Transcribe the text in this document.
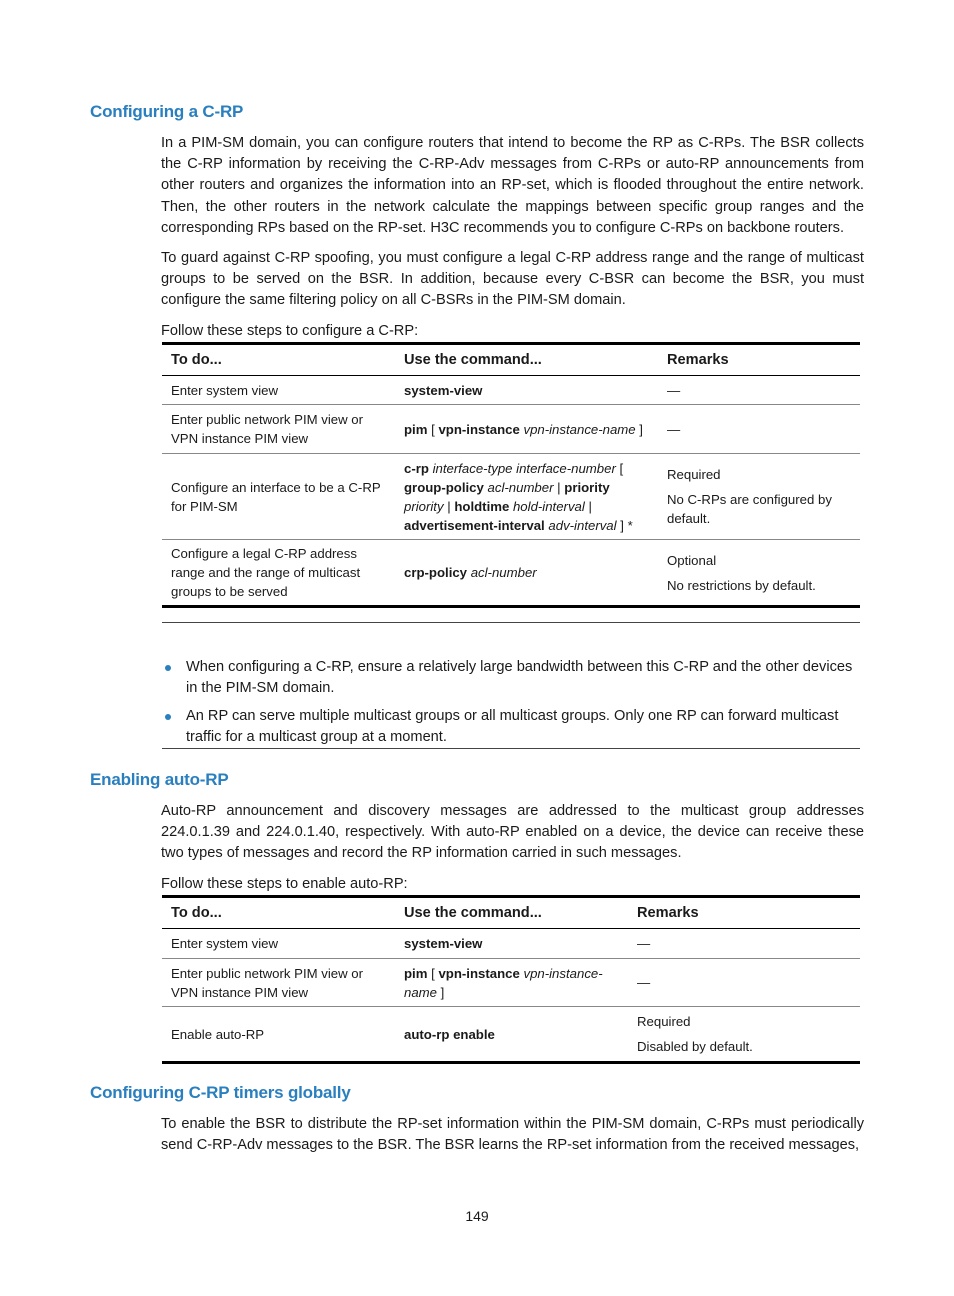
Configuring a C-RP

In a PIM-SM domain, you can configure routers that intend to become the RP as C-RPs. The BSR collects the C-RP information by receiving the C-RP-Adv messages from C-RPs or auto-RP announcements from other routers and organizes the information into an RP-set, which is flooded throughout the entire network. Then, the other routers in the network calculate the mappings between specific group ranges and the corresponding RPs based on the RP-set. H3C recommends you to configure C-RPs on backbone routers.

To guard against C-RP spoofing, you must configure a legal C-RP address range and the range of multicast groups to be served on the BSR. In addition, because every C-BSR can become the BSR, you must configure the same filtering policy on all C-BSRs in the PIM-SM domain.

Follow these steps to configure a C-RP:

To do...	Use the command...	Remarks
Enter system view	system-view	—

Enter public network PIM view or VPN instance PIM view	pim [ vpn-instance vpn-instance-name ]	—

Configure an interface to be a C-RP for PIM-SM	c-rp interface-type interface-number [ group-policy acl-number | priority priority | holdtime hold-interval | advertisement-interval adv-interval ] *	Required
No C-RPs are configured by default.

Configure a legal C-RP address range and the range of multicast groups to be served	crp-policy acl-number	Optional
No restrictions by default.

When configuring a C-RP, ensure a relatively large bandwidth between this C-RP and the other devices in the PIM-SM domain.
An RP can serve multiple multicast groups or all multicast groups. Only one RP can forward multicast traffic for a multicast group at a moment.
Enabling auto-RP

Auto-RP announcement and discovery messages are addressed to the multicast group addresses 224.0.1.39 and 224.0.1.40, respectively. With auto-RP enabled on a device, the device can receive these two types of messages and record the RP information carried in such messages.

Follow these steps to enable auto-RP:

To do...	Use the command...	Remarks
Enter system view	system-view	—

Enter public network PIM view or VPN instance PIM view	pim [ vpn-instance vpn-instance-name ]	—

Enable auto-RP	auto-rp enable	Required
Disabled by default.
Configuring C-RP timers globally

To enable the BSR to distribute the RP-set information within the PIM-SM domain, C-RPs must periodically send C-RP-Adv messages to the BSR. The BSR learns the RP-set information from the received messages,

149
